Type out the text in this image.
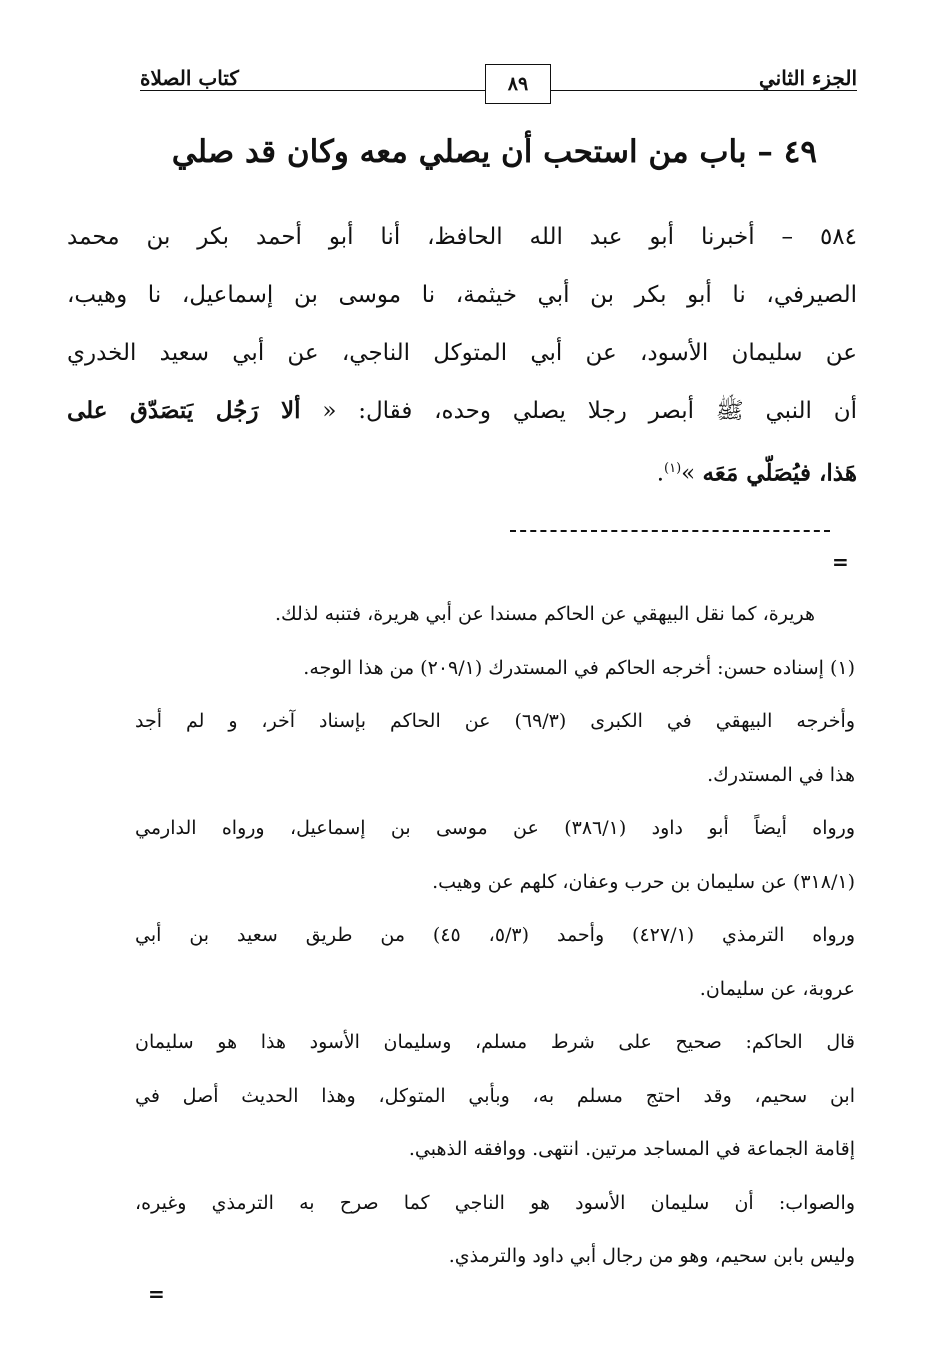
الجزء الثاني
٨٩
كتاب الصلاة
٤٩ – باب من استحب أن يصلي معه وكان قد صلي
٥٨٤ – أخبرنا أبو عبد الله الحافظ، أنا أبو أحمد بكر بن محمد
الصيرفي، نا أبو بكر بن أبي خيثمة، نا موسى بن إسماعيل، نا وهيب،
عن سليمان الأسود، عن أبي المتوكل الناجي، عن أبي سعيد الخدري
أن النبي ﷺ أبصر رجلا يصلي وحده، فقال: « ألا رَجُل يَتصَدّق على
هَذا، فيُصَلّي مَعَه »$^{(١)}$.
=
هريرة، كما نقل البيهقي عن الحاكم مسندا عن أبي هريرة، فتنبه لذلك.
(١) إسناده حسن: أخرجه الحاكم في المستدرك (٢٠٩/١) من هذا الوجه.
وأخرجه البيهقي في الكبرى (٦٩/٣) عن الحاكم بإسناد آخر، و لم أجد
هذا في المستدرك.
ورواه أيضاً أبو داود (٣٨٦/١) عن موسى بن إسماعيل، ورواه الدارمي
(٣١٨/١) عن سليمان بن حرب وعفان، كلهم عن وهيب.
ورواه الترمذي (٤٢٧/١) وأحمد (٥/٣، ٤٥) من طريق سعيد بن أبي
عروبة، عن سليمان.
قال الحاكم: صحيح على شرط مسلم، وسليمان الأسود هذا هو سليمان
ابن سحيم، وقد احتج مسلم به، وبأبي المتوكل، وهذا الحديث أصل في
إقامة الجماعة في المساجد مرتين. انتهى. ووافقه الذهبي.
والصواب: أن سليمان الأسود هو الناجي كما صرح به الترمذي وغيره،
وليس بابن سحيم، وهو من رجال أبي داود والترمذي.
=
